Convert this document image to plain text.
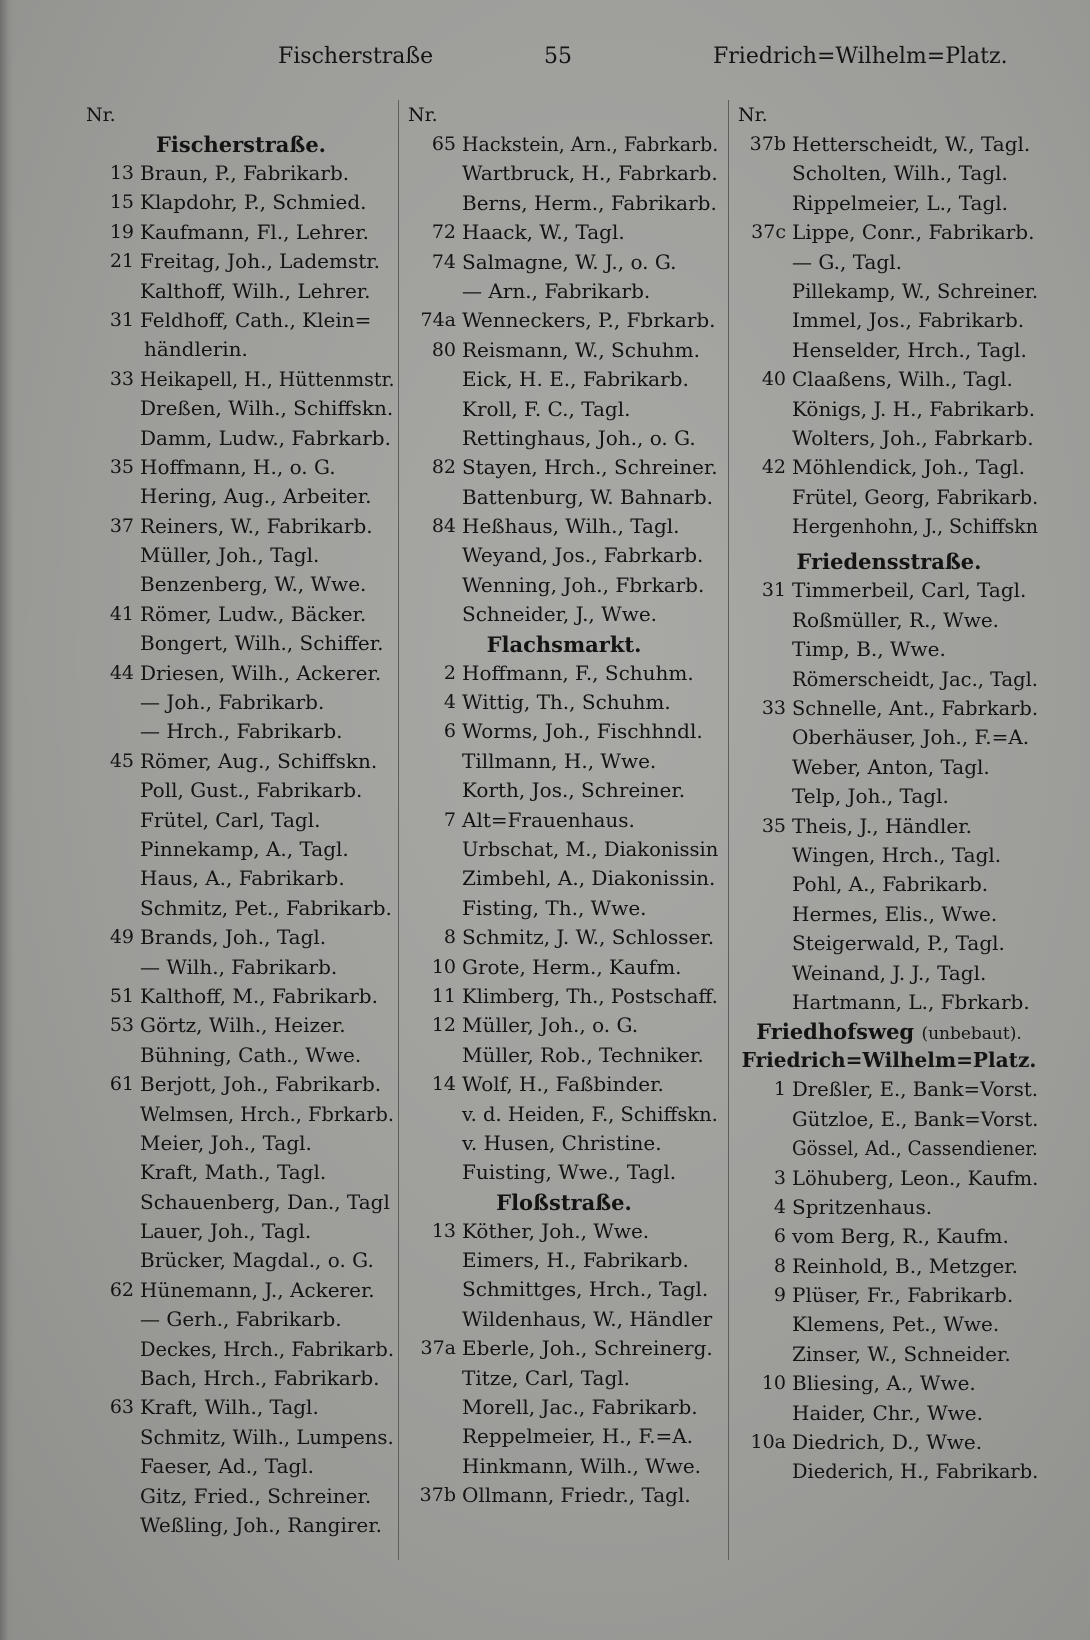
Fischerstraße	55	Friedrich=Wilhelm=Platz.
Nr.
Fischerstraße.
13 Braun, P., Fabrikarb.
15 Klapdohr, P., Schmied.
19 Kaufmann, Fl., Lehrer.
21 Freitag, Joh., Lademstr.
Kalthoff, Wilh., Lehrer.
31 Feldhoff, Cath., Klein=
händlerin.
33 Heikapell, H., Hüttenmstr.
Dreßen, Wilh., Schiffskn.
Damm, Ludw., Fabrkarb.
35 Hoffmann, H., o. G.
Hering, Aug., Arbeiter.
37 Reiners, W., Fabrikarb.
Müller, Joh., Tagl.
Benzenberg, W., Wwe.
41 Römer, Ludw., Bäcker.
Bongert, Wilh., Schiffer.
44 Driesen, Wilh., Ackerer.
— Joh., Fabrikarb.
— Hrch., Fabrikarb.
45 Römer, Aug., Schiffskn.
Poll, Gust., Fabrikarb.
Frütel, Carl, Tagl.
Pinnekamp, A., Tagl.
Haus, A., Fabrikarb.
Schmitz, Pet., Fabrikarb.
49 Brands, Joh., Tagl.
— Wilh., Fabrikarb.
51 Kalthoff, M., Fabrikarb.
53 Görtz, Wilh., Heizer.
Bühning, Cath., Wwe.
61 Berjott, Joh., Fabrikarb.
Welmsen, Hrch., Fbrkarb.
Meier, Joh., Tagl.
Kraft, Math., Tagl.
Schauenberg, Dan., Tagl
Lauer, Joh., Tagl.
Brücker, Magdal., o. G.
62 Hünemann, J., Ackerer.
— Gerh., Fabrikarb.
Deckes, Hrch., Fabrikarb.
Bach, Hrch., Fabrikarb.
63 Kraft, Wilh., Tagl.
Schmitz, Wilh., Lumpens.
Faeser, Ad., Tagl.
Gitz, Fried., Schreiner.
Weßling, Joh., Rangirer.
Nr.
65 Hackstein, Arn., Fabrkarb.
Wartbruck, H., Fabrkarb.
Berns, Herm., Fabrikarb.
72 Haack, W., Tagl.
74 Salmagne, W. J., o. G.
— Arn., Fabrikarb.
74a Wenneckers, P., Fbrkarb.
80 Reismann, W., Schuhm.
Eick, H. E., Fabrikarb.
Kroll, F. C., Tagl.
Rettinghaus, Joh., o. G.
82 Stayen, Hrch., Schreiner.
Battenburg, W. Bahnarb.
84 Heßhaus, Wilh., Tagl.
Weyand, Jos., Fabrkarb.
Wenning, Joh., Fbrkarb.
Schneider, J., Wwe.
Flachsmarkt.
2 Hoffmann, F., Schuhm.
4 Wittig, Th., Schuhm.
6 Worms, Joh., Fischhndl.
Tillmann, H., Wwe.
Korth, Jos., Schreiner.
7 Alt=Frauenhaus.
Urbschat, M., Diakonissin
Zimbehl, A., Diakonissin.
Fisting, Th., Wwe.
8 Schmitz, J. W., Schlosser.
10 Grote, Herm., Kaufm.
11 Klimberg, Th., Postschaff.
12 Müller, Joh., o. G.
Müller, Rob., Techniker.
14 Wolf, H., Faßbinder.
v. d. Heiden, F., Schiffskn.
v. Husen, Christine.
Fuisting, Wwe., Tagl.
Floßstraße.
13 Köther, Joh., Wwe.
Eimers, H., Fabrikarb.
Schmittges, Hrch., Tagl.
Wildenhaus, W., Händler
37a Eberle, Joh., Schreinerg.
Titze, Carl, Tagl.
Morell, Jac., Fabrikarb.
Reppelmeier, H., F.=A.
Hinkmann, Wilh., Wwe.
37b Ollmann, Friedr., Tagl.
Nr.
37b Hetterscheidt, W., Tagl.
Scholten, Wilh., Tagl.
Rippelmeier, L., Tagl.
37c Lippe, Conr., Fabrikarb.
— G., Tagl.
Pillekamp, W., Schreiner.
Immel, Jos., Fabrikarb.
Henselder, Hrch., Tagl.
40 Claaßens, Wilh., Tagl.
Königs, J. H., Fabrikarb.
Wolters, Joh., Fabrkarb.
42 Möhlendick, Joh., Tagl.
Frütel, Georg, Fabrikarb.
Hergenhohn, J., Schiffskn
Friedensstraße.
31 Timmerbeil, Carl, Tagl.
Roßmüller, R., Wwe.
Timp, B., Wwe.
Römerscheidt, Jac., Tagl.
33 Schnelle, Ant., Fabrkarb.
Oberhäuser, Joh., F.=A.
Weber, Anton, Tagl.
Telp, Joh., Tagl.
35 Theis, J., Händler.
Wingen, Hrch., Tagl.
Pohl, A., Fabrikarb.
Hermes, Elis., Wwe.
Steigerwald, P., Tagl.
Weinand, J. J., Tagl.
Hartmann, L., Fbrkarb.
Friedhofsweg (unbebaut).
Friedrich=Wilhelm=Platz.
1 Dreßler, E., Bank=Vorst.
Gützloe, E., Bank=Vorst.
Gössel, Ad., Cassendiener.
3 Löhuberg, Leon., Kaufm.
4 Spritzenhaus.
6 vom Berg, R., Kaufm.
8 Reinhold, B., Metzger.
9 Plüser, Fr., Fabrikarb.
Klemens, Pet., Wwe.
Zinser, W., Schneider.
10 Bliesing, A., Wwe.
Haider, Chr., Wwe.
10a Diedrich, D., Wwe.
Diederich, H., Fabrikarb.
